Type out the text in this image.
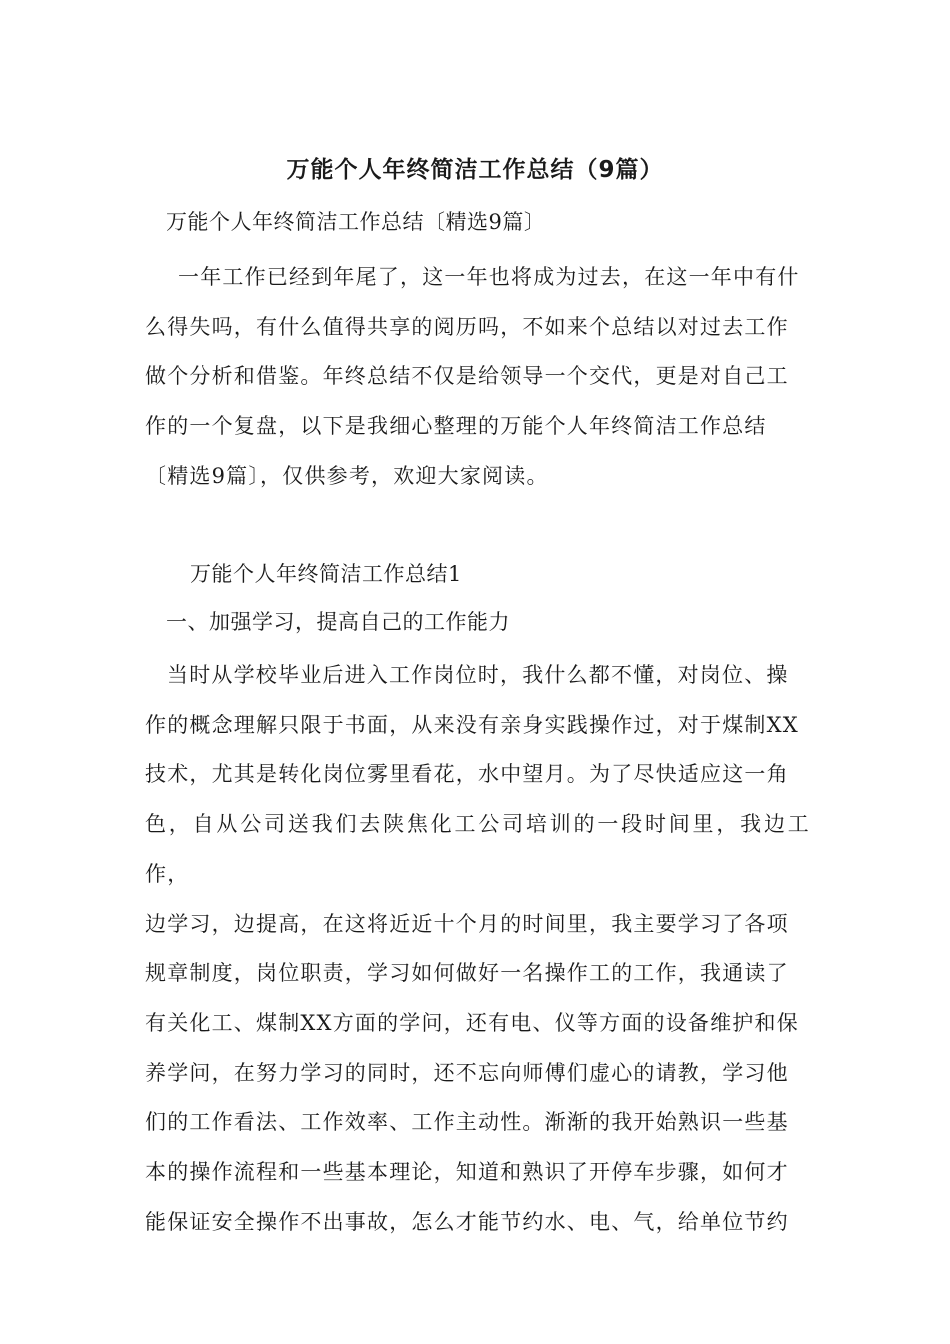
万能个人年终简洁工作总结（9篇）
万能个人年终简洁工作总结〔精选9篇〕

一年工作已经到年尾了，这一年也将成为过去，在这一年中有什

么得失吗，有什么值得共享的阅历吗，不如来个总结以对过去工作

做个分析和借鉴。年终总结不仅是给领导一个交代，更是对自己工

作的一个复盘，以下是我细心整理的万能个人年终简洁工作总结

〔精选9篇〕，仅供参考，欢迎大家阅读。

万能个人年终简洁工作总结1
一、加强学习，提高自己的工作能力

当时从学校毕业后进入工作岗位时，我什么都不懂，对岗位、操

作的概念理解只限于书面，从来没有亲身实践操作过，对于煤制XX

技术，尤其是转化岗位雾里看花，水中望月。为了尽快适应这一角

色，自从公司送我们去陕焦化工公司培训的一段时间里，我边工作，

边学习，边提高，在这将近近十个月的时间里，我主要学习了各项

规章制度，岗位职责，学习如何做好一名操作工的工作，我通读了

有关化工、煤制XX方面的学问，还有电、仪等方面的设备维护和保

养学问，在努力学习的同时，还不忘向师傅们虚心的请教，学习他

们的工作看法、工作效率、工作主动性。渐渐的我开始熟识一些基

本的操作流程和一些基本理论，知道和熟识了开停车步骤，如何才

能保证安全操作不出事故，怎么才能节约水、电、气，给单位节约
